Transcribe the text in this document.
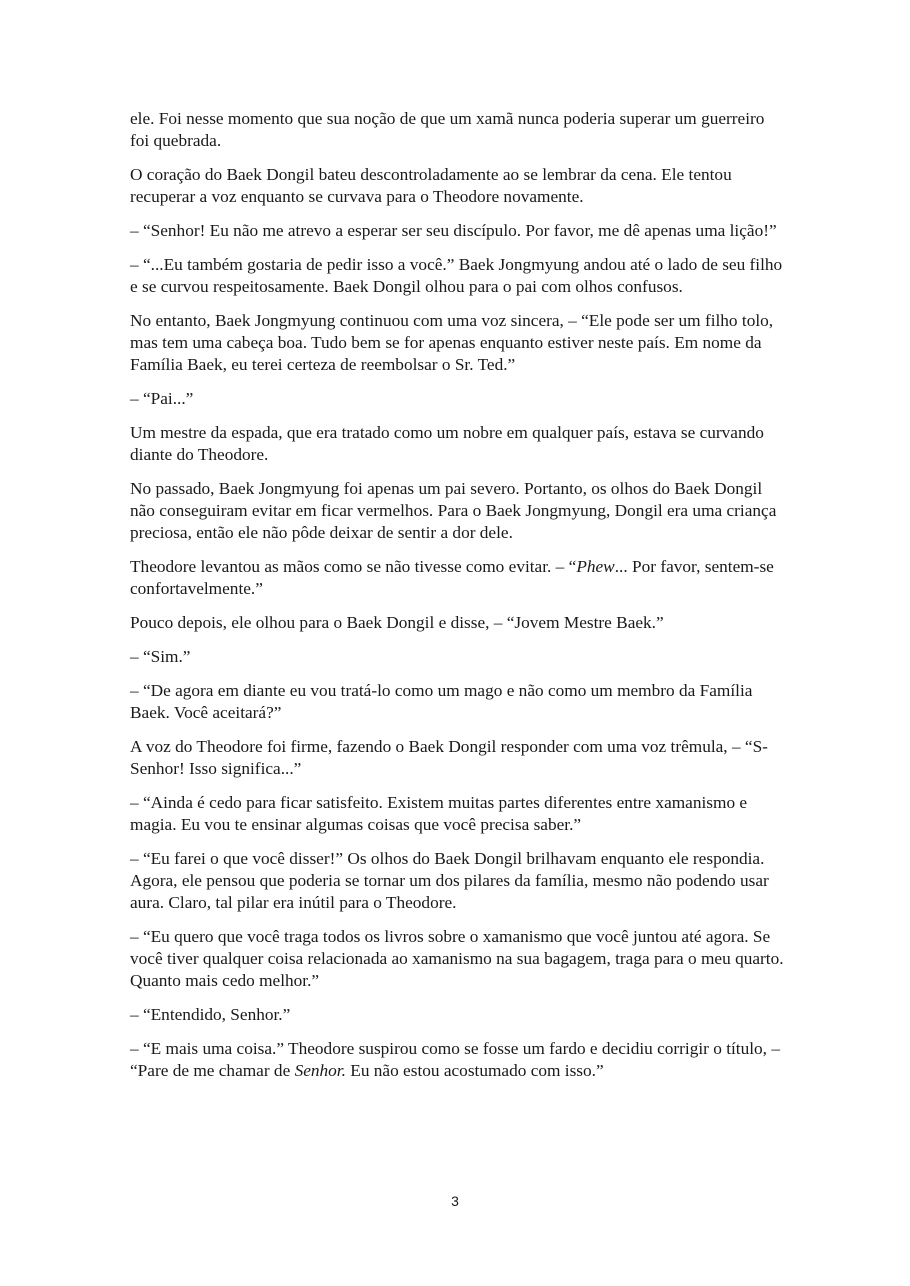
ele. Foi nesse momento que sua noção de que um xamã nunca poderia superar um guerreiro foi quebrada.

O coração do Baek Dongil bateu descontroladamente ao se lembrar da cena. Ele tentou recuperar a voz enquanto se curvava para o Theodore novamente.

– “Senhor! Eu não me atrevo a esperar ser seu discípulo. Por favor, me dê apenas uma lição!”

– “...Eu também gostaria de pedir isso a você.” Baek Jongmyung andou até o lado de seu filho e se curvou respeitosamente. Baek Dongil olhou para o pai com olhos confusos.

No entanto, Baek Jongmyung continuou com uma voz sincera, – “Ele pode ser um filho tolo, mas tem uma cabeça boa. Tudo bem se for apenas enquanto estiver neste país. Em nome da Família Baek, eu terei certeza de reembolsar o Sr. Ted.”

– “Pai...”

Um mestre da espada, que era tratado como um nobre em qualquer país, estava se curvando diante do Theodore.

No passado, Baek Jongmyung foi apenas um pai severo. Portanto, os olhos do Baek Dongil não conseguiram evitar em ficar vermelhos. Para o Baek Jongmyung, Dongil era uma criança preciosa, então ele não pôde deixar de sentir a dor dele.

Theodore levantou as mãos como se não tivesse como evitar. – “Phew... Por favor, sentem-se confortavelmente.”

Pouco depois, ele olhou para o Baek Dongil e disse, – “Jovem Mestre Baek.”

– “Sim.”

– “De agora em diante eu vou tratá-lo como um mago e não como um membro da Família Baek. Você aceitará?”

A voz do Theodore foi firme, fazendo o Baek Dongil responder com uma voz trêmula, – “S-Senhor! Isso significa...”

– “Ainda é cedo para ficar satisfeito. Existem muitas partes diferentes entre xamanismo e magia. Eu vou te ensinar algumas coisas que você precisa saber.”

– “Eu farei o que você disser!” Os olhos do Baek Dongil brilhavam enquanto ele respondia. Agora, ele pensou que poderia se tornar um dos pilares da família, mesmo não podendo usar aura. Claro, tal pilar era inútil para o Theodore.

– “Eu quero que você traga todos os livros sobre o xamanismo que você juntou até agora. Se você tiver qualquer coisa relacionada ao xamanismo na sua bagagem, traga para o meu quarto. Quanto mais cedo melhor.”

– “Entendido, Senhor.”

– “E mais uma coisa.” Theodore suspirou como se fosse um fardo e decidiu corrigir o título, – “Pare de me chamar de Senhor. Eu não estou acostumado com isso.”

3
